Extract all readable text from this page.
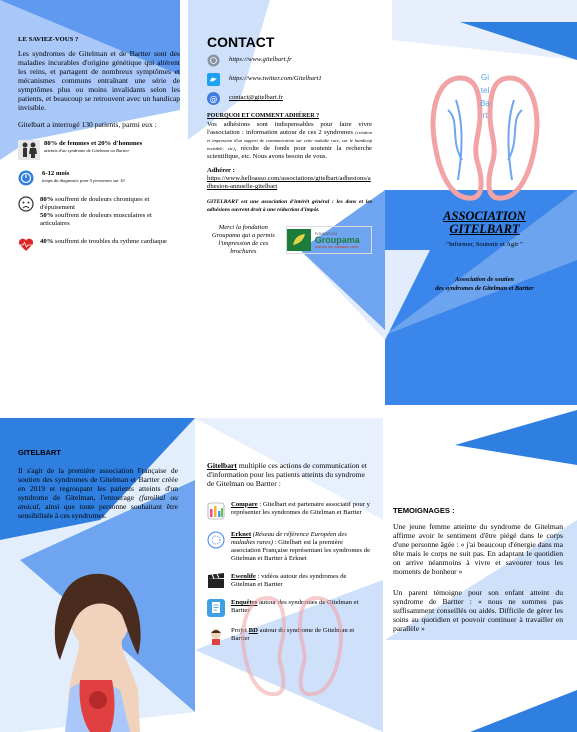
LE SAVIEZ-VOUS ?

Les syndromes de Gitelman et de Bartter sont des maladies incurables d'origine génétique qui altèrent les reins, et partagent de nombreux symptômes et mécanismes communs entraînant une série de symptômes plus ou moins invalidants selon les patients, et beaucoup se retrouvent avec un handicap invisible.

Gitelbart a interrogé 130 patients, parmi eux :

80% de femmes et 20% d'hommes
atteints d'un syndrome de Gitelman ou Bartter
6-12 mois
temps du diagnostic pour 5 personnes sur 10
80% souffrent de douleurs chroniques et d'épuisement
50% souffrent de douleurs musculaires et articulaires
40% souffrent de troubles du rythme cardiaque
CONTACT
https://www.gitelbart.fr
https://www.twitter.com/Gitelbart1
@ contact@gitelbart.fr
POURQUOI ET COMMENT ADHÉRER ?

Vos adhésions sont indispensables pour faire vivre l'association : information autour de ces 2 syndromes (création et impression d'un support de communication sur cette maladie rare, sur le handicap invisible, etc), récolte de fonds pour soutenir la recherche scientifique, etc. Nous avons besoin de vous.

Adhérer :

https://www.helloasso.com/associations/gitelbart/adhesions/adhesion-annuelle-gitelbart

GITELBART est une association d'intérêt général : les dons et les adhésions ouvrent droit à une réduction d'impôt.

Merci la fondation Groupama qui a permis l'impression de ces brochures

FONDATION
Groupama
vaincre les maladies rares
GitelBart
ASSOCIATION
GITELBART
"Informer, Soutenir et Agir "
Association de soutien
des syndromes de Gitelman et Bartter
GITELBART

Il s'agit de la première association Française de soutien des syndromes de Gitelman et Bartter créée en 2019 et regroupant les patients atteints d'un syndrome de Gitelman, l'entourage (familial ou amical, ainsi que toute personne souhaitant être sensibilisée à ces syndromes.

Gitelbart multiplie ces actions de communication et d'information pour les patients atteints du syndrome de Gitelman ou Bartter :

Compare : Gitelbart est partenaire associatif pour y représenter les syndromes de Gitelman et Bartter
Erknet (Réseau de référence Européen des maladies rares) : Gitelbart est la première association Française représentant les syndromes de Gitelman et Bartter à Erknet
Ewenlife : vidéos autour des syndromes de Gitelman et Bartter
Enquêtes autour des syndromes de Gitelman et Bartter
Projet BD autour du syndrome de Gitelman et Bartter
TEMOIGNAGES :

Une jeune femme atteinte du syndrome de Gitelman affirme avoir le sentiment d'être piégé dans le corps d'une personne âgée : « j'ai beaucoup d'énergie dans ma tête mais le corps ne suit pas. En adaptant le quotidien on arrive néanmoins à vivre et savourer tous les moments de bonheur »

Un parent témoigne pour son enfant atteint du syndrome de Bartter : « nous ne sommes pas suffisamment conseillés ou aidés. Difficile de gérer les soins au quotidien et pouvoir continuer à travailler en parallèle »
